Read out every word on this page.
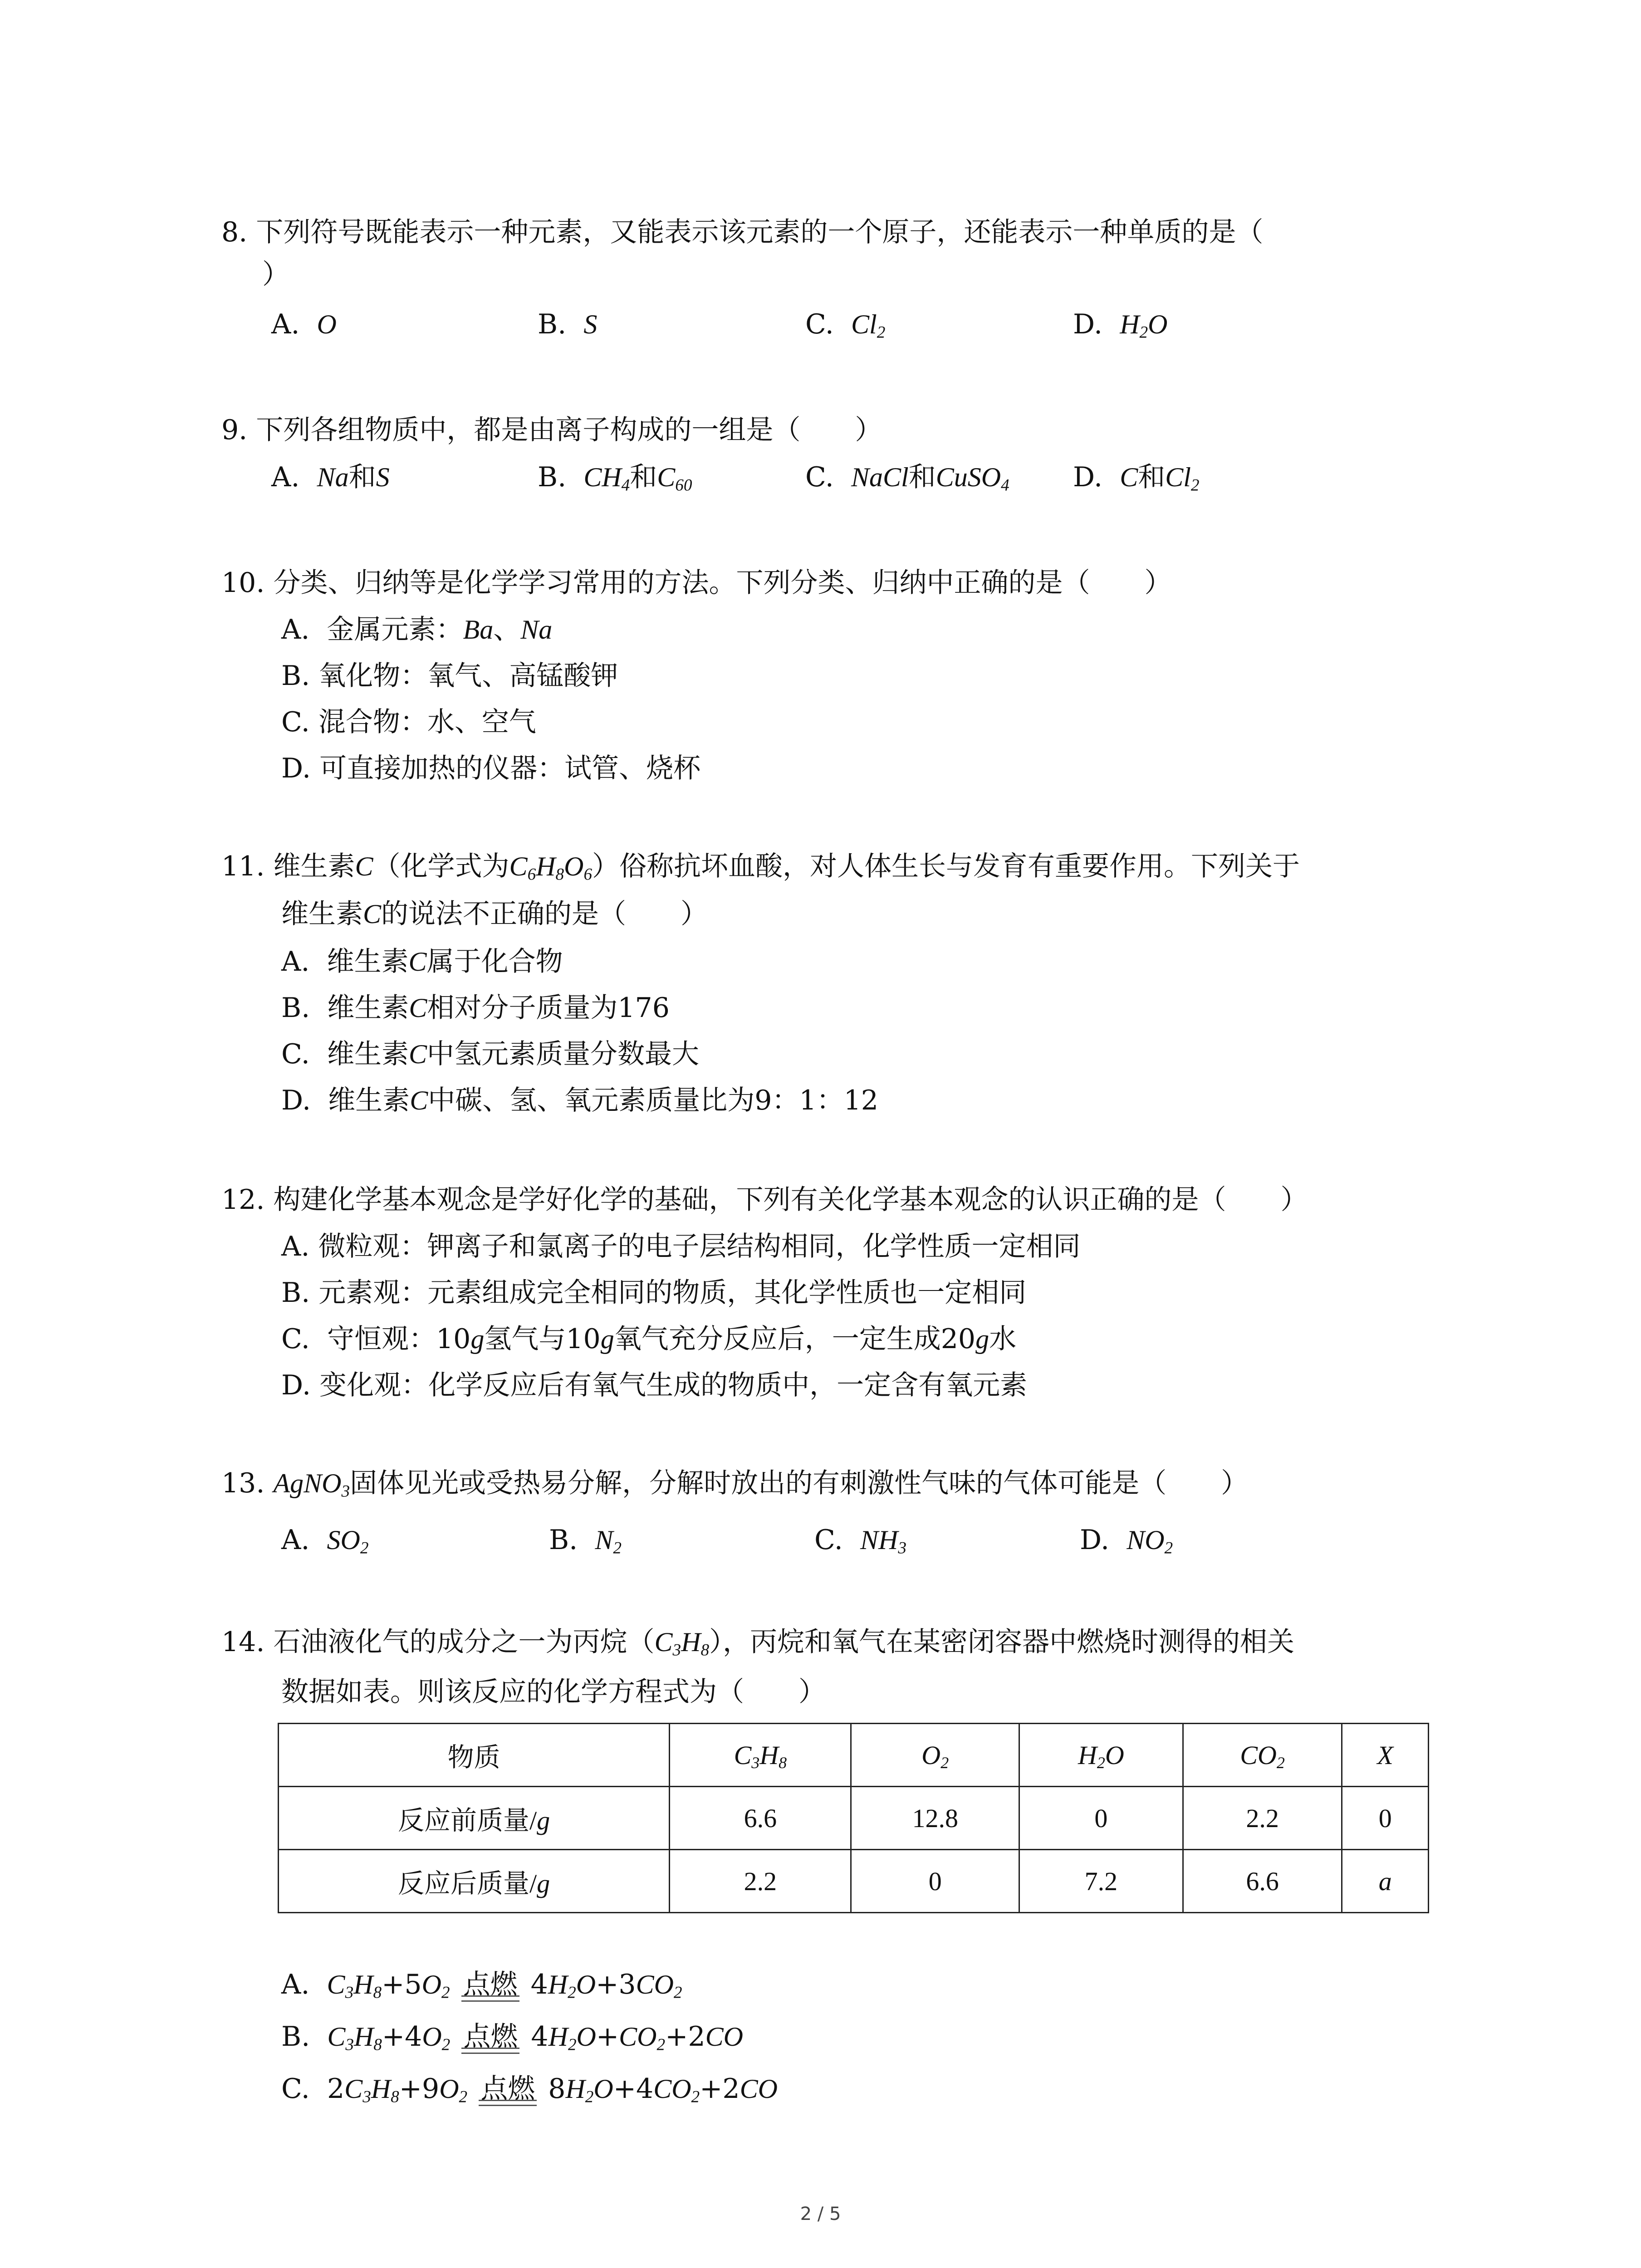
8. 下列符号既能表示一种元素，又能表示该元素的一个原子，还能表示一种单质的是（
）
A.  O	B.  S	C.  $Cl_2$	D.  $H_2O$
9. 下列各组物质中，都是由离子构成的一组是（　　）
A.  Na和S	B.  $CH_4$和$C_{60}$	C.  NaCl和CuSO$_4$ D.  C和$Cl_2$
10. 分类、归纳等是化学学习常用的方法。下列分类、归纳中正确的是（　　）
A.  金属元素：Ba、Na
B. 氧化物：氧气、高锰酸钾
C. 混合物：水、空气
D. 可直接加热的仪器：试管、烧杯
11. 维生素C（化学式为$C_6H_8O_6$）俗称抗坏血酸，对人体生长与发育有重要作用。下列关于
维生素C的说法不正确的是（　　）
A.  维生素C属于化合物
B.  维生素C相对分子质量为176
C.  维生素C中氢元素质量分数最大
D.  维生素C中碳、氢、氧元素质量比为9：1：12
12. 构建化学基本观念是学好化学的基础，下列有关化学基本观念的认识正确的是（　　）
A. 微粒观：钾离子和氯离子的电子层结构相同，化学性质一定相同
B. 元素观：元素组成完全相同的物质，其化学性质也一定相同
C.  守恒观：10g氢气与10g氧气充分反应后，一定生成20g水
D. 变化观：化学反应后有氧气生成的物质中，一定含有氧元素
13. AgNO$_3$固体见光或受热易分解，分解时放出的有刺激性气味的气体可能是（　　）
A.  $SO_2$	B.  $N_2$	C.  $NH_3$	D.  $NO_2$
14. 石油液化气的成分之一为丙烷$(C_3H_8)$，丙烷和氧气在某密闭容器中燃烧时测得的相关
数据如表。则该反应的化学方程式为（　　）
物质	$C_3H_8$	$O_2$	$H_2O$	$CO_2$	X
反应前质量/g	6.6	12.8	0	2.2	0
反应后质量/g	2.2	0	7.2	6.6	a
A.  $C_3H_8+5O_2$ 点燃 $4H_2O+3CO_2$
B.  $C_3H_8+4O_2$ 点燃 $4H_2O+CO_2+2CO$
C.  $2C_3H_8+9O_2$ 点燃 $8H_2O+4CO_2+2CO$
2 / 5
